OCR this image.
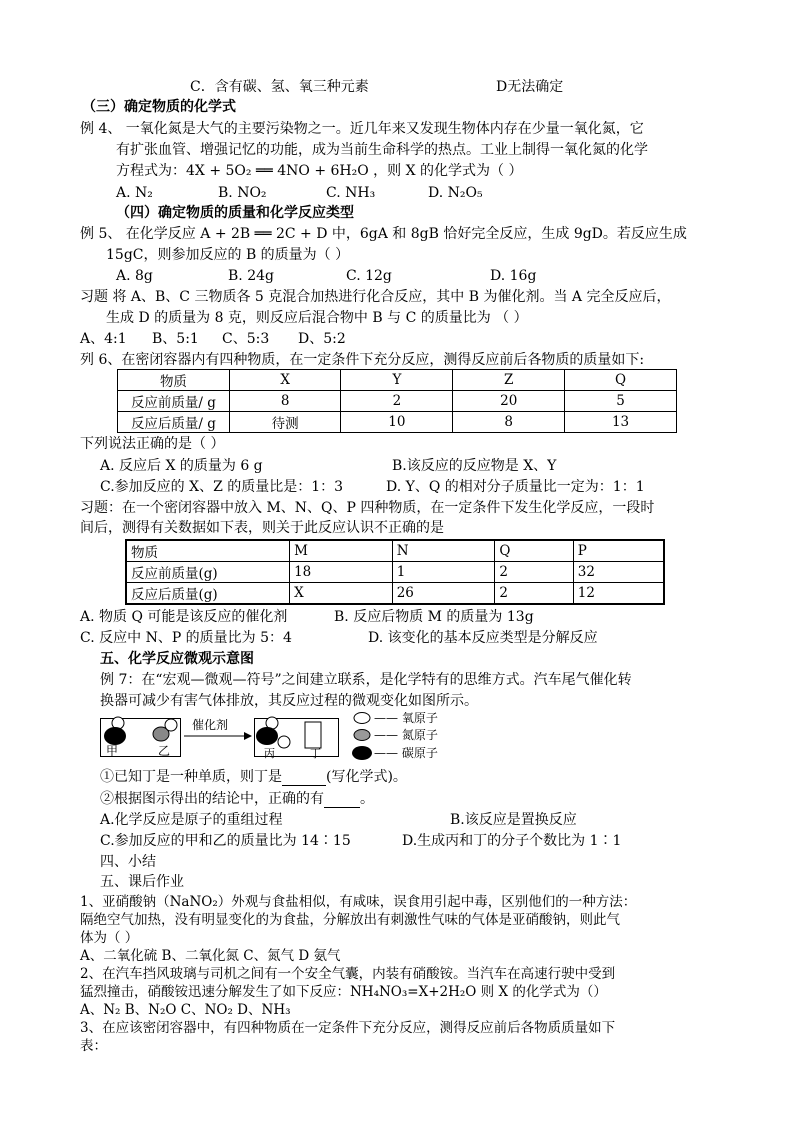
C．含有碳、氢、氧三种元素	D无法确定
（三）确定物质的化学式
例 4、 一氧化氮是大气的主要污染物之一。近几年来又发现生物体内存在少量一氧化氮，它
有扩张血管、增强记忆的功能，成为当前生命科学的热点。工业上制得一氧化氮的化学
方程式为：4X + 5O₂ ══ 4NO + 6H₂O ，则 X 的化学式为（ ）
A. N₂	B. NO₂	C. NH₃	D. N₂O₅
（四）确定物质的质量和化学反应类型
例 5、 在化学反应 A + 2B ══ 2C + D 中，6gA 和 8gB 恰好完全反应，生成 9gD。若反应生成
15gC，则参加反应的 B 的质量为（ ）
A. 8g	B. 24g	C. 12g	D. 16g
习题 将 A、B、C 三物质各 5 克混合加热进行化合反应，其中 B 为催化剂。当 A 完全反应后，
生成 D 的质量为 8 克，则反应后混合物中 B 与 C 的质量比为 （ ）
A、4:1 B、5:1 C、5:3 D、5:2
列 6、在密闭容器内有四种物质，在一定条件下充分反应，测得反应前后各物质的质量如下:
物质	X	Y	Z	Q
反应前质量/ g	8	2	20	5
反应后质量/ g	待测	10	8	13
下列说法正确的是（ ）
A. 反应后 X 的质量为 6 g	B.该反应的反应物是 X、Y
C.参加反应的 X、Z 的质量比是：1：3	D. Y、Q 的相对分子质量比一定为：1：1
习题：在一个密闭容器中放入 M、N、Q、P 四种物质，在一定条件下发生化学反应，一段时
间后，测得有关数据如下表，则关于此反应认识不正确的是
物质	M	N	Q	P
反应前质量(g)	18	1	2	32
反应后质量(g)	X	26	2	12
A. 物质 Q 可能是该反应的催化剂	B. 反应后物质 M 的质量为 13g
C. 反应中 N、P 的质量比为 5：4	D. 该变化的基本反应类型是分解反应
五、化学反应微观示意图
例 7：在“宏观—微观—符号”之间建立联系，是化学特有的思维方式。汽车尾气催化转
换器可减少有害气体排放，其反应过程的微观变化如图所示。
甲	乙
催化剂
丙	丁
—— 氧原子
—— 氮原子
—— 碳原子
①已知丁是一种单质，则丁是	(写化学式)。
②根据图示得出的结论中，正确的有	。
A.化学反应是原子的重组过程	B.该反应是置换反应
C.参加反应的甲和乙的质量比为 14∶15	D.生成丙和丁的分子个数比为 1∶1
四、小结
五、课后作业
1、亚硝酸钠（NaNO₂）外观与食盐相似，有咸味，误食用引起中毒，区别他们的一种方法：
隔绝空气加热，没有明显变化的为食盐，分解放出有刺激性气味的气体是亚硝酸钠，则此气
体为（ ）
A、二氧化硫 B、二氧化氮 C、氮气 D 氨气
2、在汽车挡风玻璃与司机之间有一个安全气囊，内装有硝酸铵。当汽车在高速行驶中受到
猛烈撞击，硝酸铵迅速分解发生了如下反应：NH₄NO₃=X+2H₂O 则 X 的化学式为（）
A、N₂ B、N₂O C、NO₂ D、NH₃
3、在应该密闭容器中，有四种物质在一定条件下充分反应，测得反应前后各物质质量如下
表：
